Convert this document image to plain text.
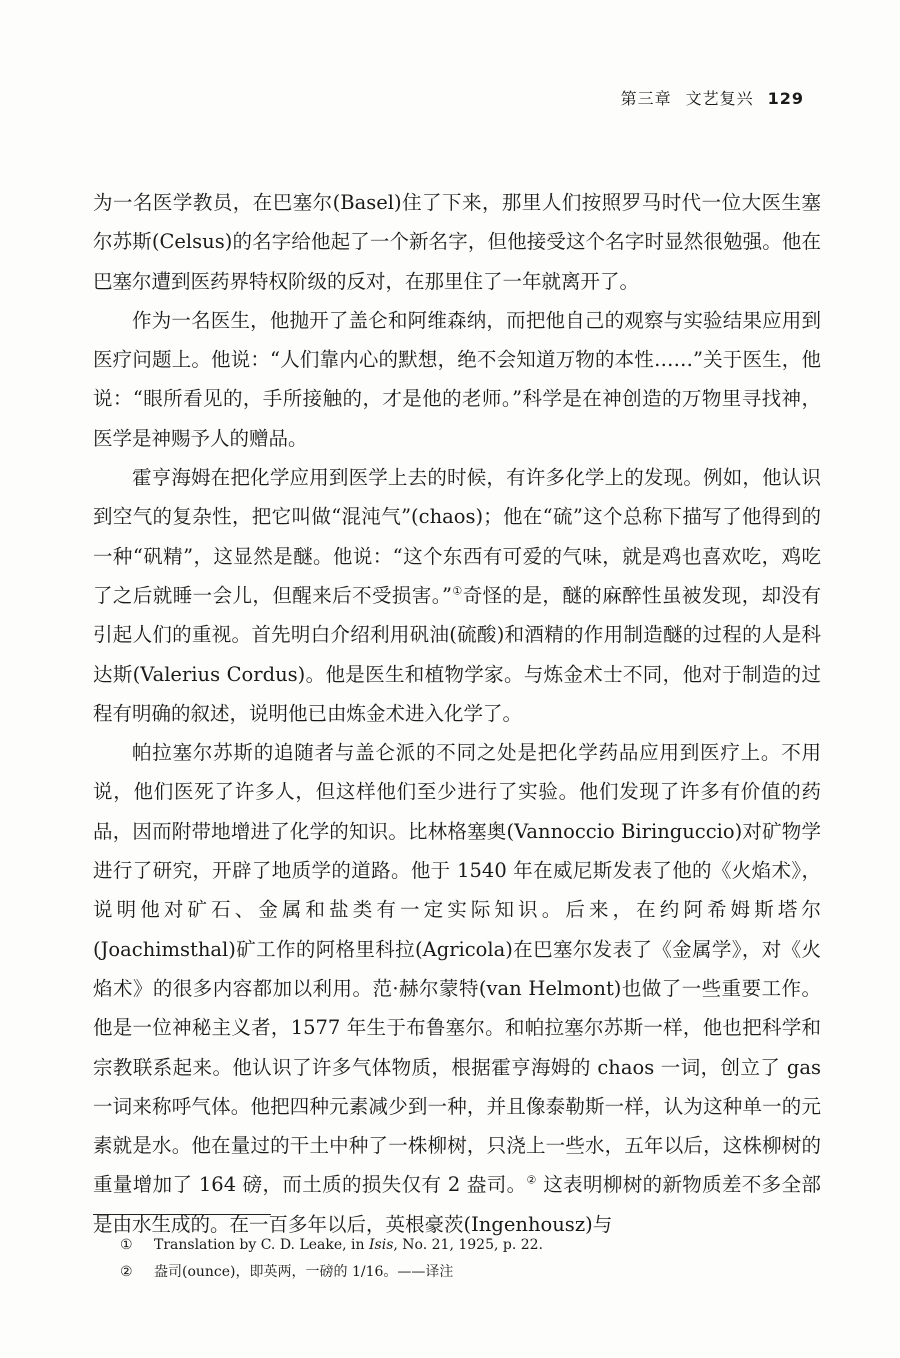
第三章 文艺复兴 129

为一名医学教员，在巴塞尔(Basel)住了下来，那里人们按照罗马时代一位大医生塞尔苏斯(Celsus)的名字给他起了一个新名字，但他接受这个名字时显然很勉强。他在巴塞尔遭到医药界特权阶级的反对，在那里住了一年就离开了。

作为一名医生，他抛开了盖仑和阿维森纳，而把他自己的观察与实验结果应用到医疗问题上。他说：“人们靠内心的默想，绝不会知道万物的本性……”关于医生，他说：“眼所看见的，手所接触的，才是他的老师。”科学是在神创造的万物里寻找神，医学是神赐予人的赠品。

霍亨海姆在把化学应用到医学上去的时候，有许多化学上的发现。例如，他认识到空气的复杂性，把它叫做“混沌气”(chaos)；他在“硫”这个总称下描写了他得到的一种“矾精”，这显然是醚。他说：“这个东西有可爱的气味，就是鸡也喜欢吃，鸡吃了之后就睡一会儿，但醒来后不受损害。”①奇怪的是，醚的麻醉性虽被发现，却没有引起人们的重视。首先明白介绍利用矾油(硫酸)和酒精的作用制造醚的过程的人是科达斯(Valerius Cordus)。他是医生和植物学家。与炼金术士不同，他对于制造的过程有明确的叙述，说明他已由炼金术进入化学了。

帕拉塞尔苏斯的追随者与盖仑派的不同之处是把化学药品应用到医疗上。不用说，他们医死了许多人，但这样他们至少进行了实验。他们发现了许多有价值的药品，因而附带地增进了化学的知识。比林格塞奥(Vannoccio Biringuccio)对矿物学进行了研究，开辟了地质学的道路。他于 1540 年在威尼斯发表了他的《火焰术》，说明他对矿石、金属和盐类有一定实际知识。后来，在约阿希姆斯塔尔(Joachimsthal)矿工作的阿格里科拉(Agricola)在巴塞尔发表了《金属学》，对《火焰术》的很多内容都加以利用。范·赫尔蒙特(van Helmont)也做了一些重要工作。他是一位神秘主义者，1577 年生于布鲁塞尔。和帕拉塞尔苏斯一样，他也把科学和宗教联系起来。他认识了许多气体物质，根据霍亨海姆的 chaos 一词，创立了 gas 一词来称呼气体。他把四种元素减少到一种，并且像泰勒斯一样，认为这种单一的元素就是水。他在量过的干土中种了一株柳树，只浇上一些水，五年以后，这株柳树的重量增加了 164 磅，而土质的损失仅有 2 盎司。② 这表明柳树的新物质差不多全部是由水生成的。在一百多年以后，英根豪茨(Ingenhousz)与

①	Translation by C. D. Leake, in Isis, No. 21, 1925, p. 22.
②	盎司(ounce)，即英两，一磅的 1/16。——译注
